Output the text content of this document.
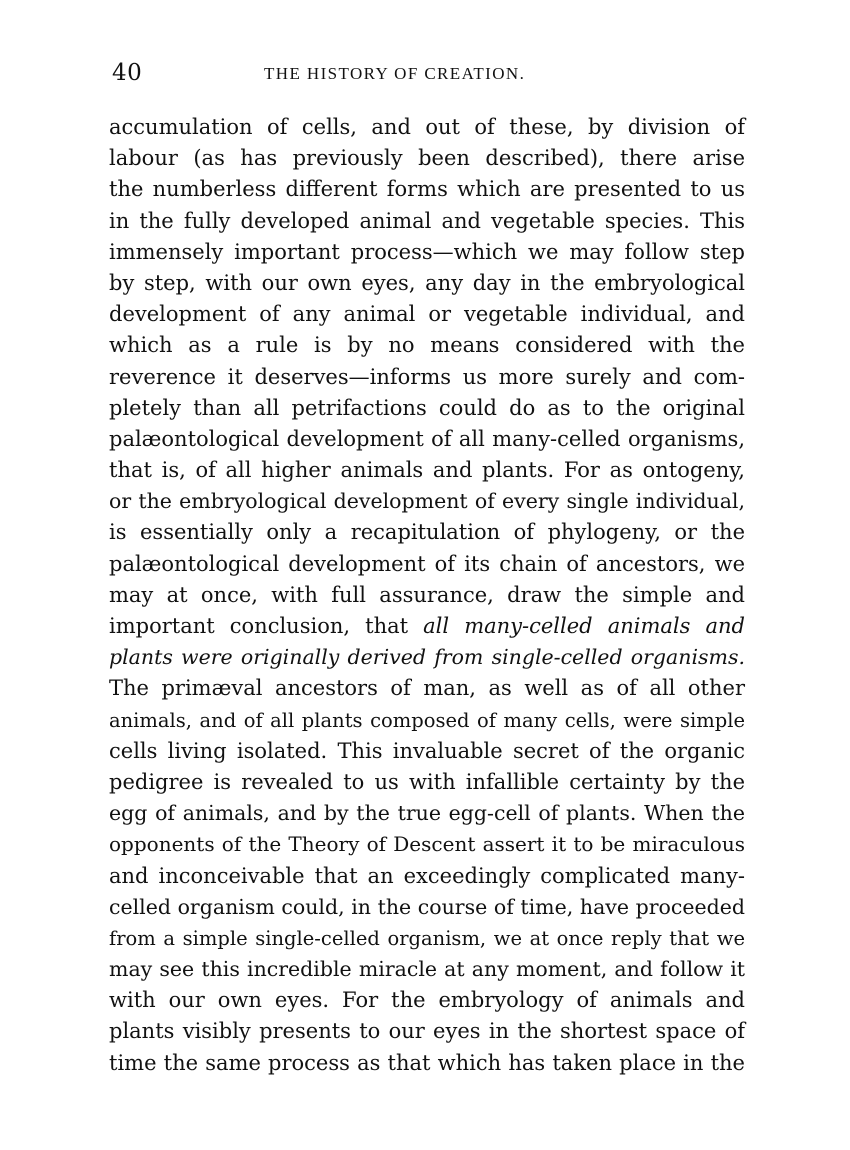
40	THE HISTORY OF CREATION.
accumulation of cells, and out of these, by division of
labour (as has previously been described), there arise
the numberless different forms which are presented to us
in the fully developed animal and vegetable species. This
immensely important process—which we may follow step
by step, with our own eyes, any day in the embryological
development of any animal or vegetable individual, and
which as a rule is by no means considered with the
reverence it deserves—informs us more surely and com-
pletely than all petrifactions could do as to the original
palæontological development of all many-celled organisms,
that is, of all higher animals and plants. For as ontogeny,
or the embryological development of every single individual,
is essentially only a recapitulation of phylogeny, or the
palæontological development of its chain of ancestors, we
may at once, with full assurance, draw the simple and
important conclusion, that all many-celled animals and
plants were originally derived from single-celled organisms.
The primæval ancestors of man, as well as of all other
animals, and of all plants composed of many cells, were simple
cells living isolated. This invaluable secret of the organic
pedigree is revealed to us with infallible certainty by the
egg of animals, and by the true egg-cell of plants. When the
opponents of the Theory of Descent assert it to be miraculous
and inconceivable that an exceedingly complicated many-
celled organism could, in the course of time, have proceeded
from a simple single-celled organism, we at once reply that we
may see this incredible miracle at any moment, and follow it
with our own eyes. For the embryology of animals and
plants visibly presents to our eyes in the shortest space of
time the same process as that which has taken place in the
